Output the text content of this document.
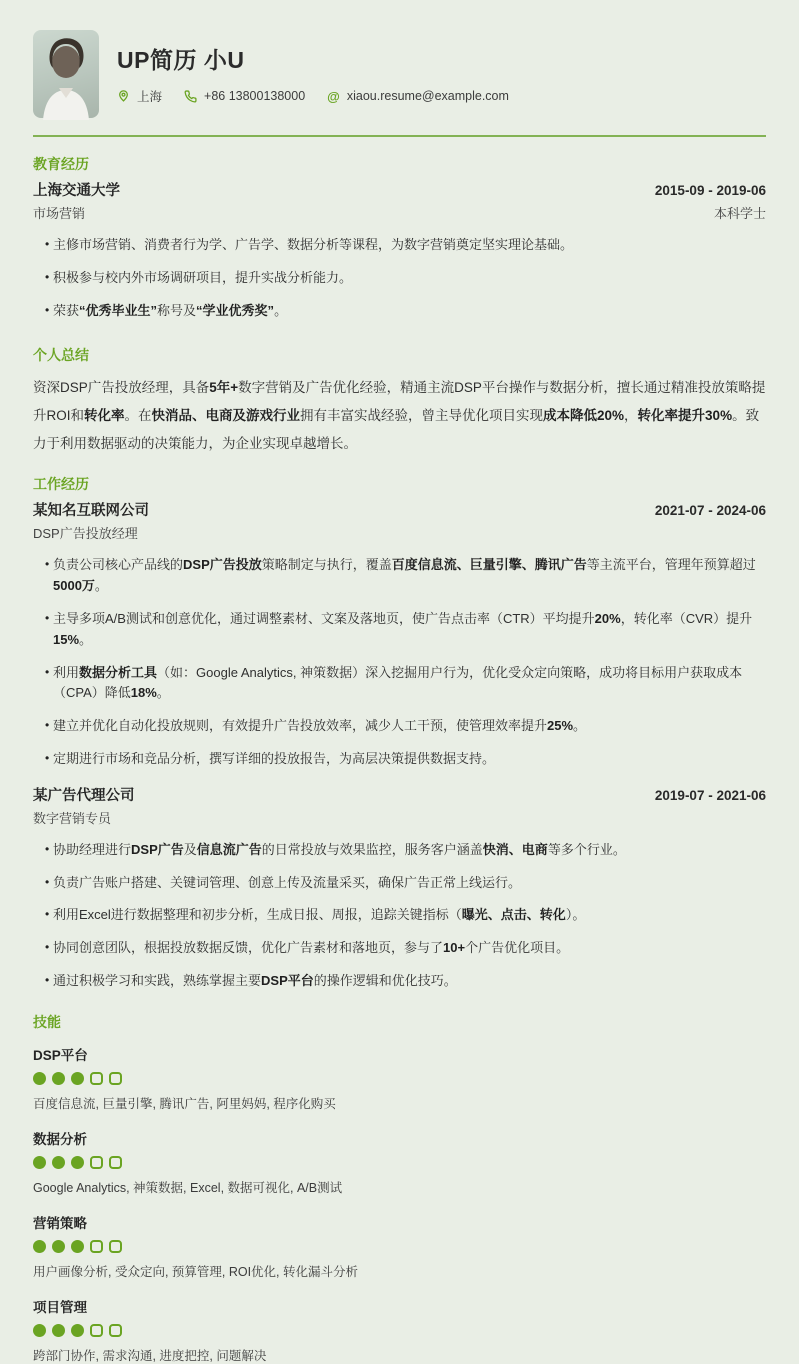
UP简历 小U
上海	+86 13800138000 @ xiaou.resume@example.com
教育经历
上海交通大学	2015-09 - 2019-06
市场营销	本科学士
• 主修市场营销、消费者行为学、广告学、数据分析等课程，为数字营销奠定坚实理论基础。
• 积极参与校内外市场调研项目，提升实战分析能力。
• 荣获“优秀毕业生”称号及“学业优秀奖”。
个人总结
资深DSP广告投放经理，具备5年+数字营销及广告优化经验，精通主流DSP平台操作与数据分析，擅长通过精准投放策略提升ROI和转化率。在快消品、电商及游戏行业拥有丰富实战经验，曾主导优化项目实现成本降低20%，转化率提升30%。致力于利用数据驱动的决策能力，为企业实现卓越增长。
工作经历
某知名互联网公司	2021-07 - 2024-06
DSP广告投放经理
• 负责公司核心产品线的DSP广告投放策略制定与执行，覆盖百度信息流、巨量引擎、腾讯广告等主流平台，管理年预算超过5000万。
• 主导多项A/B测试和创意优化，通过调整素材、文案及落地页，使广告点击率（CTR）平均提升20%，转化率（CVR）提升15%。
• 利用数据分析工具（如：Google Analytics, 神策数据）深入挖掘用户行为，优化受众定向策略，成功将目标用户获取成本（CPA）降低18%。
• 建立并优化自动化投放规则，有效提升广告投放效率，减少人工干预，使管理效率提升25%。
• 定期进行市场和竞品分析，撰写详细的投放报告，为高层决策提供数据支持。
某广告代理公司	2019-07 - 2021-06
数字营销专员
• 协助经理进行DSP广告及信息流广告的日常投放与效果监控，服务客户涵盖快消、电商等多个行业。
• 负责广告账户搭建、关键词管理、创意上传及流量采买，确保广告正常上线运行。
• 利用Excel进行数据整理和初步分析，生成日报、周报，追踪关键指标（曝光、点击、转化）。
• 协同创意团队，根据投放数据反馈，优化广告素材和落地页，参与了10+个广告优化项目。
• 通过积极学习和实践，熟练掌握主要DSP平台的操作逻辑和优化技巧。
技能
DSP平台
百度信息流, 巨量引擎, 腾讯广告, 阿里妈妈, 程序化购买
数据分析
Google Analytics, 神策数据, Excel, 数据可视化, A/B测试
营销策略
用户画像分析, 受众定向, 预算管理, ROI优化, 转化漏斗分析
项目管理
跨部门协作, 需求沟通, 进度把控, 问题解决
